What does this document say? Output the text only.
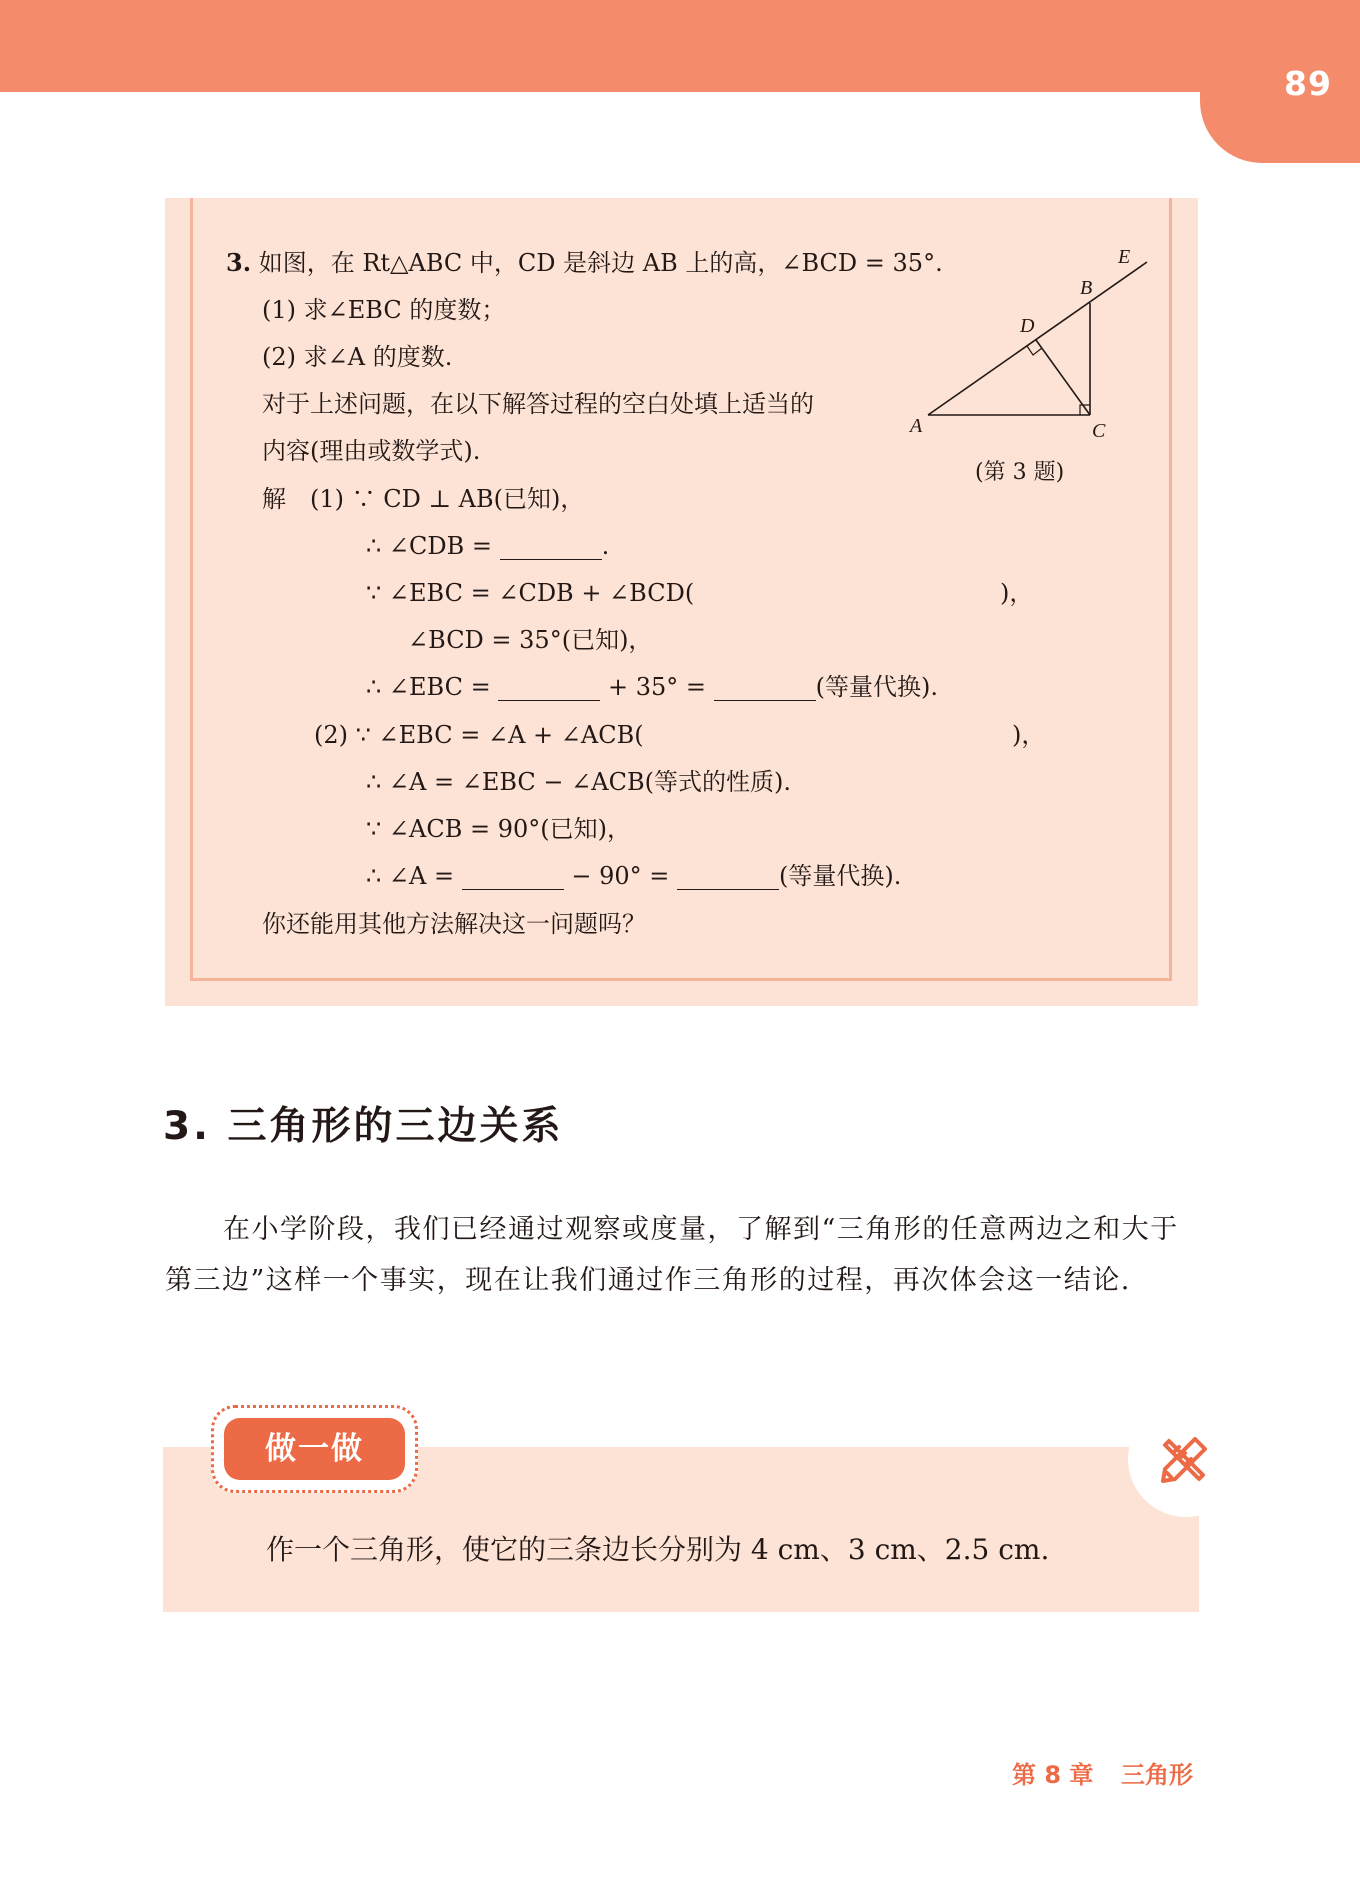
89
3. 如图，在 Rt△ABC 中，CD 是斜边 AB 上的高，∠BCD = 35°.
(1) 求∠EBC 的度数；
(2) 求∠A 的度数.
对于上述问题，在以下解答过程的空白处填上适当的
内容(理由或数学式).
解　(1) ∵ CD ⊥ AB(已知)，
∴ ∠CDB =	.
∵ ∠EBC = ∠CDB + ∠BCD(	)，
∠BCD = 35°(已知)，
∴ ∠EBC =	+ 35° =	(等量代换).
(2) ∵ ∠EBC = ∠A + ∠ACB(	)，
∴ ∠A = ∠EBC − ∠ACB(等式的性质).
∵ ∠ACB = 90°(已知)，
∴ ∠A =	− 90° =	(等量代换).
你还能用其他方法解决这一问题吗？
A
B
C
D
E
(第 3 题)
3. 三角形的三边关系
在小学阶段，我们已经通过观察或度量，了解到“三角形的任意两边之和大于第三边”这样一个事实，现在让我们通过作三角形的过程，再次体会这一结论.
做一做
作一个三角形，使它的三条边长分别为 4 cm、3 cm、2.5 cm.
第 8 章 三角形
